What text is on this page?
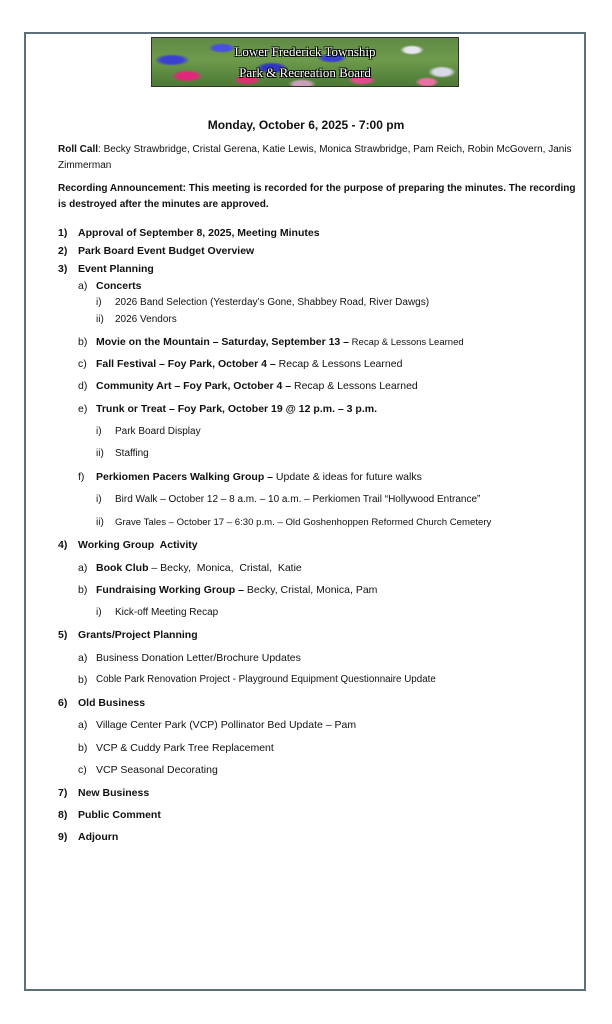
Lower Frederick Township
Park & Recreation Board
Monday, October 6, 2025 - 7:00 pm
Roll Call: Becky Strawbridge, Cristal Gerena, Katie Lewis, Monica Strawbridge, Pam Reich, Robin McGovern, Janis Zimmerman
Recording Announcement: This meeting is recorded for the purpose of preparing the minutes. The recording is destroyed after the minutes are approved.
1) Approval of September 8, 2025, Meeting Minutes
2) Park Board Event Budget Overview
3) Event Planning
a) Concerts
i) 2026 Band Selection (Yesterday’s Gone, Shabbey Road, River Dawgs)
ii) 2026 Vendors
b) Movie on the Mountain – Saturday, September 13 – Recap & Lessons Learned
c) Fall Festival – Foy Park, October 4 – Recap & Lessons Learned
d) Community Art – Foy Park, October 4 – Recap & Lessons Learned
e) Trunk or Treat – Foy Park, October 19 @ 12 p.m. – 3 p.m.
i) Park Board Display
ii) Staffing
f) Perkiomen Pacers Walking Group – Update & ideas for future walks
i) Bird Walk – October 12 – 8 a.m. – 10 a.m. – Perkiomen Trail “Hollywood Entrance”
ii) Grave Tales – October 17 – 6:30 p.m. – Old Goshenhoppen Reformed Church Cemetery
4) Working Group  Activity
a) Book Club – Becky,  Monica,  Cristal,  Katie
b) Fundraising Working Group – Becky, Cristal, Monica, Pam
i) Kick-off Meeting Recap
5) Grants/Project Planning
a) Business Donation Letter/Brochure Updates
b) Coble Park Renovation Project - Playground Equipment Questionnaire Update
6) Old Business
a) Village Center Park (VCP) Pollinator Bed Update – Pam
b) VCP & Cuddy Park Tree Replacement
c) VCP Seasonal Decorating
7) New Business
8) Public Comment
9) Adjourn
